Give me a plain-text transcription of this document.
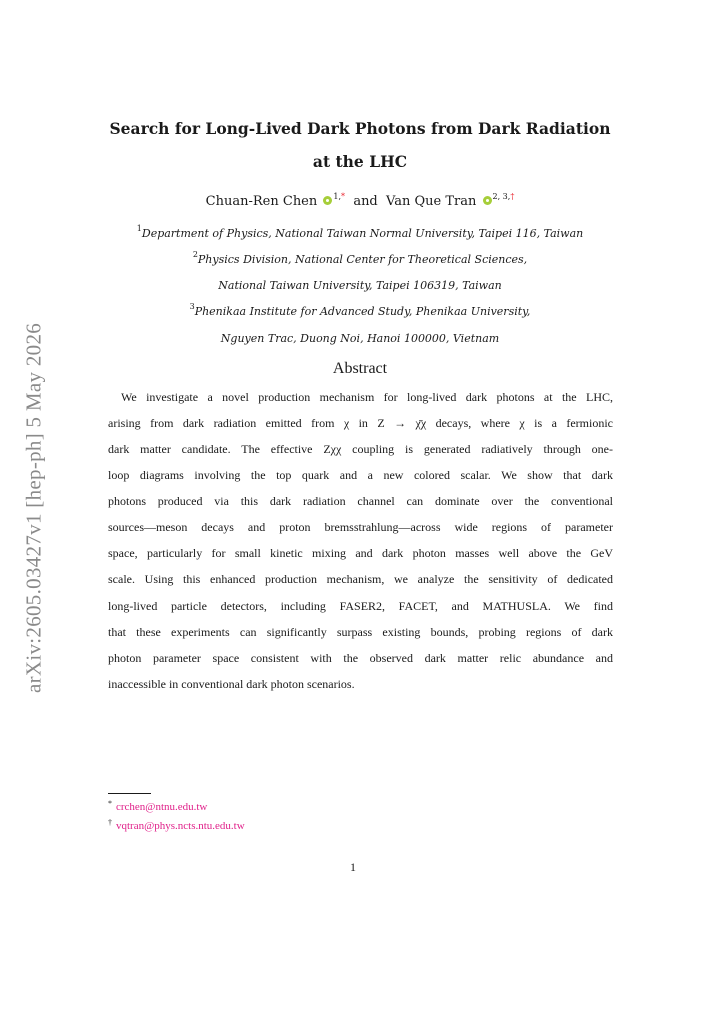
arXiv:2605.03427v1 [hep-ph] 5 May 2026
Search for Long-Lived Dark Photons from Dark Radiation
at the LHC
Chuan-Ren Chen $^{1,*}$ and Van Que Tran $^{2, 3,\dagger}$
$^1$Department of Physics, National Taiwan Normal University, Taipei 116, Taiwan
$^2$Physics Division, National Center for Theoretical Sciences,
National Taiwan University, Taipei 106319, Taiwan
$^3$Phenikaa Institute for Advanced Study, Phenikaa University,
Nguyen Trac, Duong Noi, Hanoi 100000, Vietnam
Abstract
We investigate a novel production mechanism for long-lived dark photons at the LHC,
arising from dark radiation emitted from χ in Z → χ̄χ decays, where χ is a fermionic
dark matter candidate. The effective Zχχ coupling is generated radiatively through one-
loop diagrams involving the top quark and a new colored scalar. We show that dark
photons produced via this dark radiation channel can dominate over the conventional
sources—meson decays and proton bremsstrahlung—across wide regions of parameter
space, particularly for small kinetic mixing and dark photon masses well above the GeV
scale. Using this enhanced production mechanism, we analyze the sensitivity of dedicated
long-lived particle detectors, including FASER2, FACET, and MATHUSLA. We find
that these experiments can significantly surpass existing bounds, probing regions of dark
photon parameter space consistent with the observed dark matter relic abundance and
inaccessible in conventional dark photon scenarios.
* crchen@ntnu.edu.tw
† vqtran@phys.ncts.ntu.edu.tw
1
